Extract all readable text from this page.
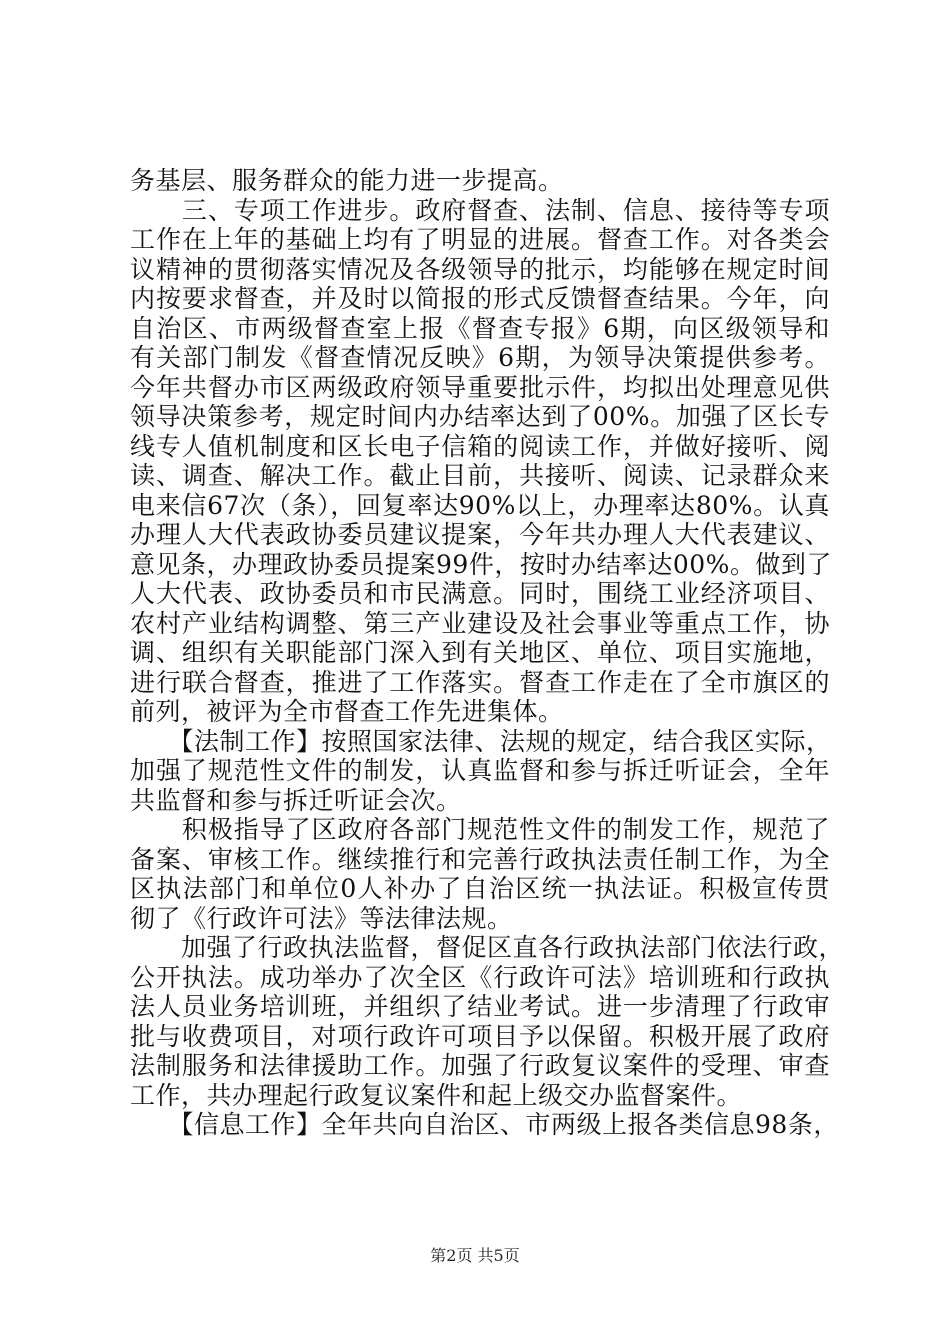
务基层、服务群众的能力进一步提高。
　　三、专项工作进步。政府督查、法制、信息、接待等专项
工作在上年的基础上均有了明显的进展。督查工作。对各类会
议精神的贯彻落实情况及各级领导的批示，均能够在规定时间
内按要求督查，并及时以简报的形式反馈督查结果。今年，向
自治区、市两级督查室上报《督查专报》6期，向区级领导和
有关部门制发《督查情况反映》6期，为领导决策提供参考。
今年共督办市区两级政府领导重要批示件，均拟出处理意见供
领导决策参考，规定时间内办结率达到了00%。加强了区长专
线专人值机制度和区长电子信箱的阅读工作，并做好接听、阅
读、调查、解决工作。截止目前，共接听、阅读、记录群众来
电来信67次（条），回复率达90%以上，办理率达80%。认真
办理人大代表政协委员建议提案，今年共办理人大代表建议、
意见条，办理政协委员提案99件，按时办结率达00%。做到了
人大代表、政协委员和市民满意。同时，围绕工业经济项目、
农村产业结构调整、第三产业建设及社会事业等重点工作，协
调、组织有关职能部门深入到有关地区、单位、项目实施地，
进行联合督查，推进了工作落实。督查工作走在了全市旗区的
前列，被评为全市督查工作先进集体。
　　【法制工作】按照国家法律、法规的规定，结合我区实际，
加强了规范性文件的制发，认真监督和参与拆迁听证会，全年
共监督和参与拆迁听证会次。
　　积极指导了区政府各部门规范性文件的制发工作，规范了
备案、审核工作。继续推行和完善行政执法责任制工作，为全
区执法部门和单位0人补办了自治区统一执法证。积极宣传贯
彻了《行政许可法》等法律法规。
　　加强了行政执法监督，督促区直各行政执法部门依法行政，
公开执法。成功举办了次全区《行政许可法》培训班和行政执
法人员业务培训班，并组织了结业考试。进一步清理了行政审
批与收费项目，对项行政许可项目予以保留。积极开展了政府
法制服务和法律援助工作。加强了行政复议案件的受理、审查
工作，共办理起行政复议案件和起上级交办监督案件。
　　【信息工作】全年共向自治区、市两级上报各类信息98条，
第2页 共5页
